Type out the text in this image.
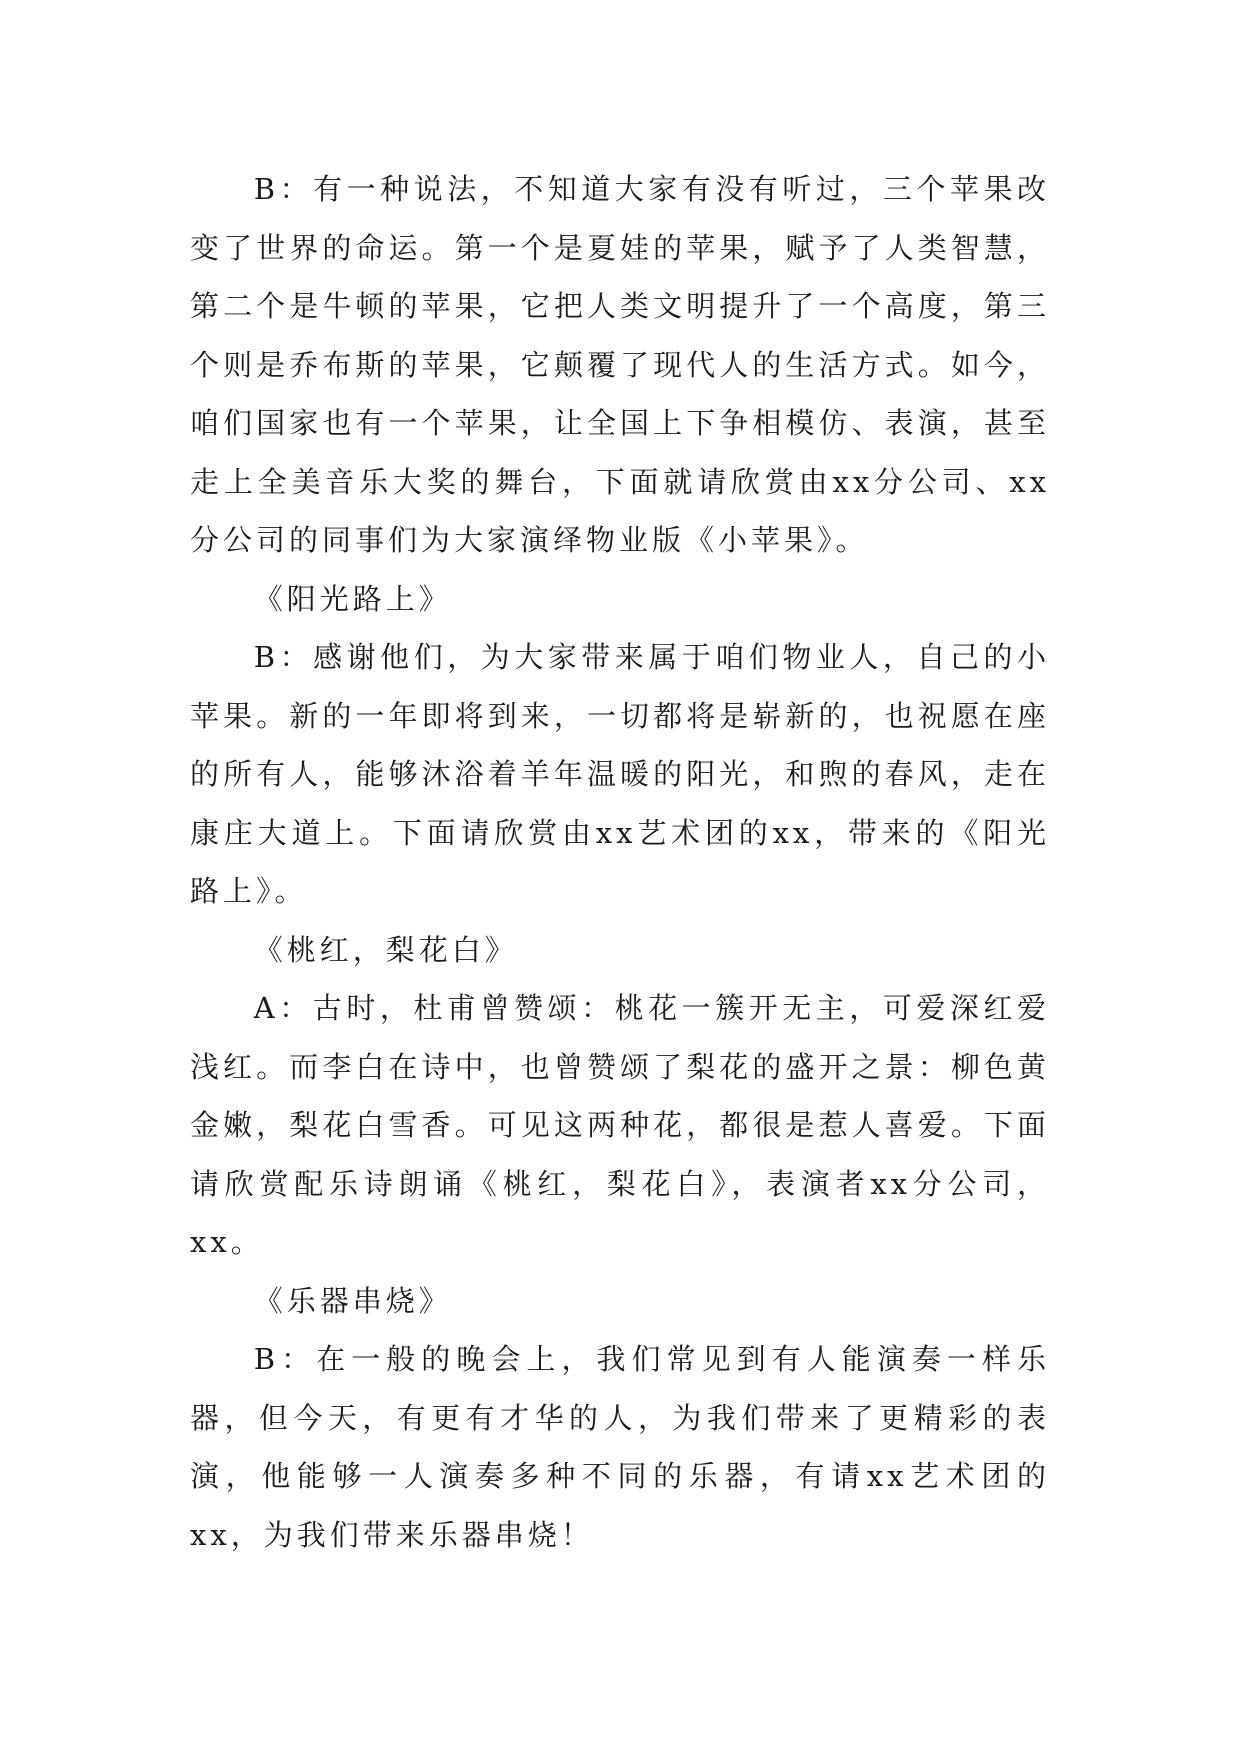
B：有一种说法，不知道大家有没有听过，三个苹果改变了世界的命运。第一个是夏娃的苹果，赋予了人类智慧，第二个是牛顿的苹果，它把人类文明提升了一个高度，第三个则是乔布斯的苹果，它颠覆了现代人的生活方式。如今，咱们国家也有一个苹果，让全国上下争相模仿、表演，甚至走上全美音乐大奖的舞台，下面就请欣赏由xx分公司、xx分公司的同事们为大家演绎物业版《小苹果》。

《阳光路上》

B：感谢他们，为大家带来属于咱们物业人，自己的小苹果。新的一年即将到来，一切都将是崭新的，也祝愿在座的所有人，能够沐浴着羊年温暖的阳光，和煦的春风，走在康庄大道上。下面请欣赏由xx艺术团的xx，带来的《阳光路上》。

《桃红，梨花白》

A：古时，杜甫曾赞颂：桃花一簇开无主，可爱深红爱浅红。而李白在诗中，也曾赞颂了梨花的盛开之景：柳色黄金嫩，梨花白雪香。可见这两种花，都很是惹人喜爱。下面请欣赏配乐诗朗诵《桃红，梨花白》，表演者xx分公司，xx。

《乐器串烧》

B：在一般的晚会上，我们常见到有人能演奏一样乐器，但今天，有更有才华的人，为我们带来了更精彩的表演，他能够一人演奏多种不同的乐器，有请xx艺术团的xx，为我们带来乐器串烧！
